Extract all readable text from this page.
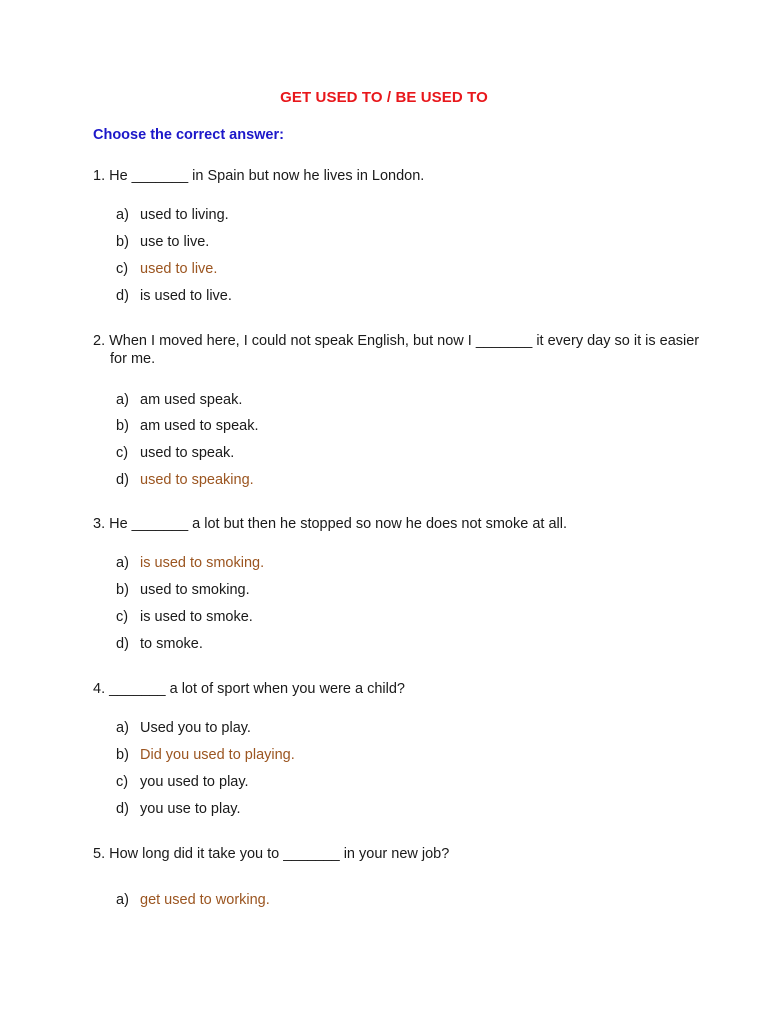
GET USED TO / BE USED TO
Choose the correct answer:
1. He _______ in Spain but now he lives in London.
a) used to living.
b) use to live.
c) used to live.
d) is used to live.
2. When I moved here, I could not speak English, but now I _______ it every day so it is easier for me.
a) am used speak.
b) am used to speak.
c) used to speak.
d) used to speaking.
3. He _______ a lot but then he stopped so now he does not smoke at all.
a) is used to smoking.
b) used to smoking.
c) is used to smoke.
d) to smoke.
4. _______ a lot of sport when you were a child?
a) Used you to play.
b) Did you used to playing.
c) you used to play.
d) you use to play.
5. How long did it take you to _______ in your new job?
a) get used to working.
